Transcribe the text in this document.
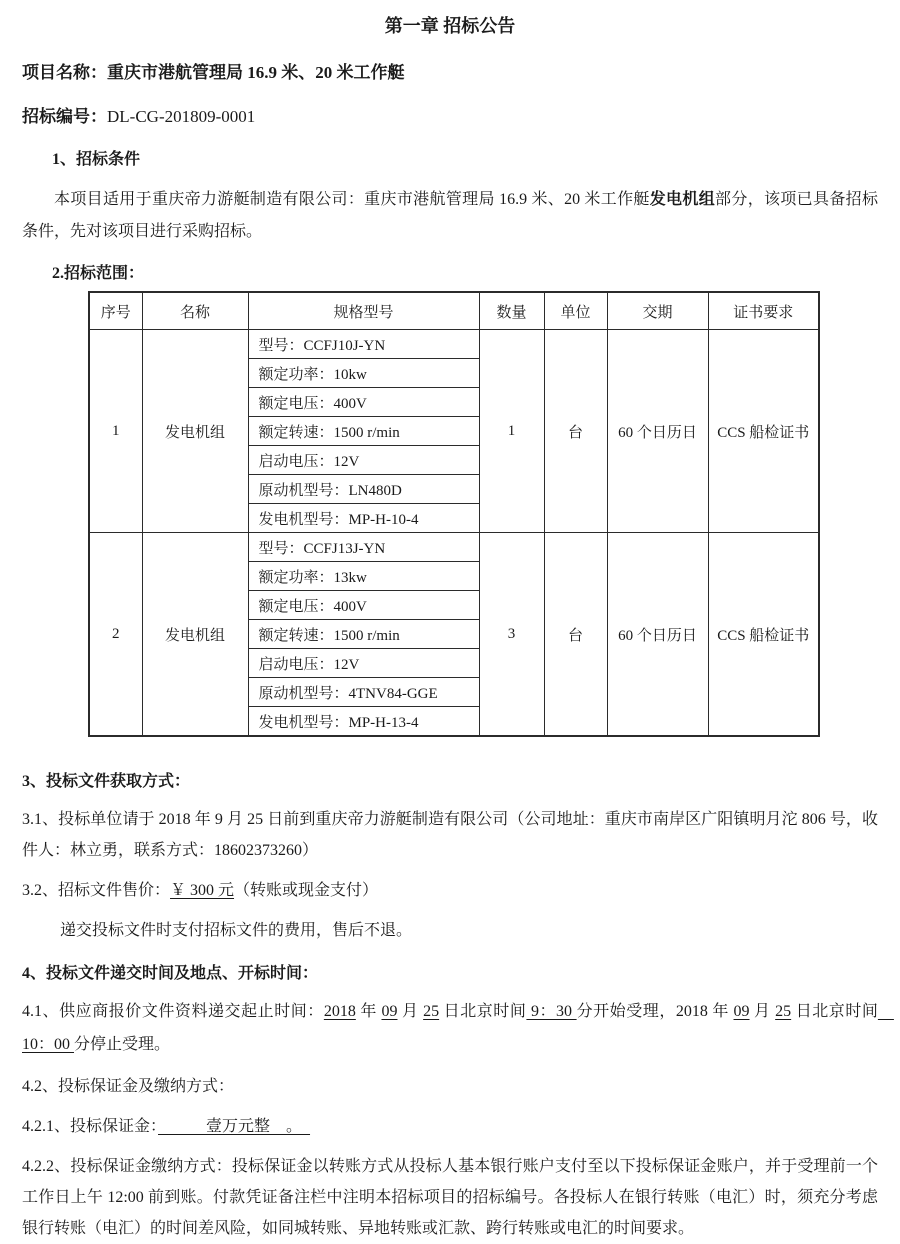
第一章 招标公告

项目名称：重庆市港航管理局 16.9 米、20 米工作艇

招标编号：DL-CG-201809-0001

1、招标条件

本项目适用于重庆帝力游艇制造有限公司：重庆市港航管理局 16.9 米、20 米工作艇发电机组部分，该项已具备招标条件，先对该项目进行采购招标。

2.招标范围：

序号	名称	规格型号	数量	单位	交期	证书要求
1	发电机组	型号：CCFJ10J-YN	1	台	60 个日历日	CCS 船检证书
		额定功率：10kw				
		额定电压：400V				
		额定转速：1500 r/min				
		启动电压：12V				
		原动机型号：LN480D				
		发电机型号：MP-H-10-4				
2	发电机组	型号：CCFJ13J-YN	3	台	60 个日历日	CCS 船检证书
		额定功率：13kw				
		额定电压：400V				
		额定转速：1500 r/min				
		启动电压：12V				
		原动机型号：4TNV84-GGE				
		发电机型号：MP-H-13-4				

3、投标文件获取方式：

3.1、投标单位请于 2018 年 9 月 25 日前到重庆帝力游艇制造有限公司（公司地址：重庆市南岸区广阳镇明月沱 806 号，收件人：林立勇，联系方式：18602373260）

3.2、招标文件售价：￥ 300 元（转账或现金支付）

递交投标文件时支付招标文件的费用，售后不退。

4、投标文件递交时间及地点、开标时间：

4.1、供应商报价文件资料递交起止时间：2018 年 09 月 25 日北京时间 9：30 分开始受理，2018 年 09 月 25 日北京时间　10：00 分停止受理。

4.2、投标保证金及缴纳方式：

4.2.1、投标保证金：　　　壹万元整　。　

4.2.2、投标保证金缴纳方式：投标保证金以转账方式从投标人基本银行账户支付至以下投标保证金账户，并于受理前一个工作日上午 12:00 前到账。付款凭证备注栏中注明本招标项目的招标编号。各投标人在银行转账（电汇）时，须充分考虑银行转账（电汇）的时间差风险，如同城转账、异地转账或汇款、跨行转账或电汇的时间要求。
